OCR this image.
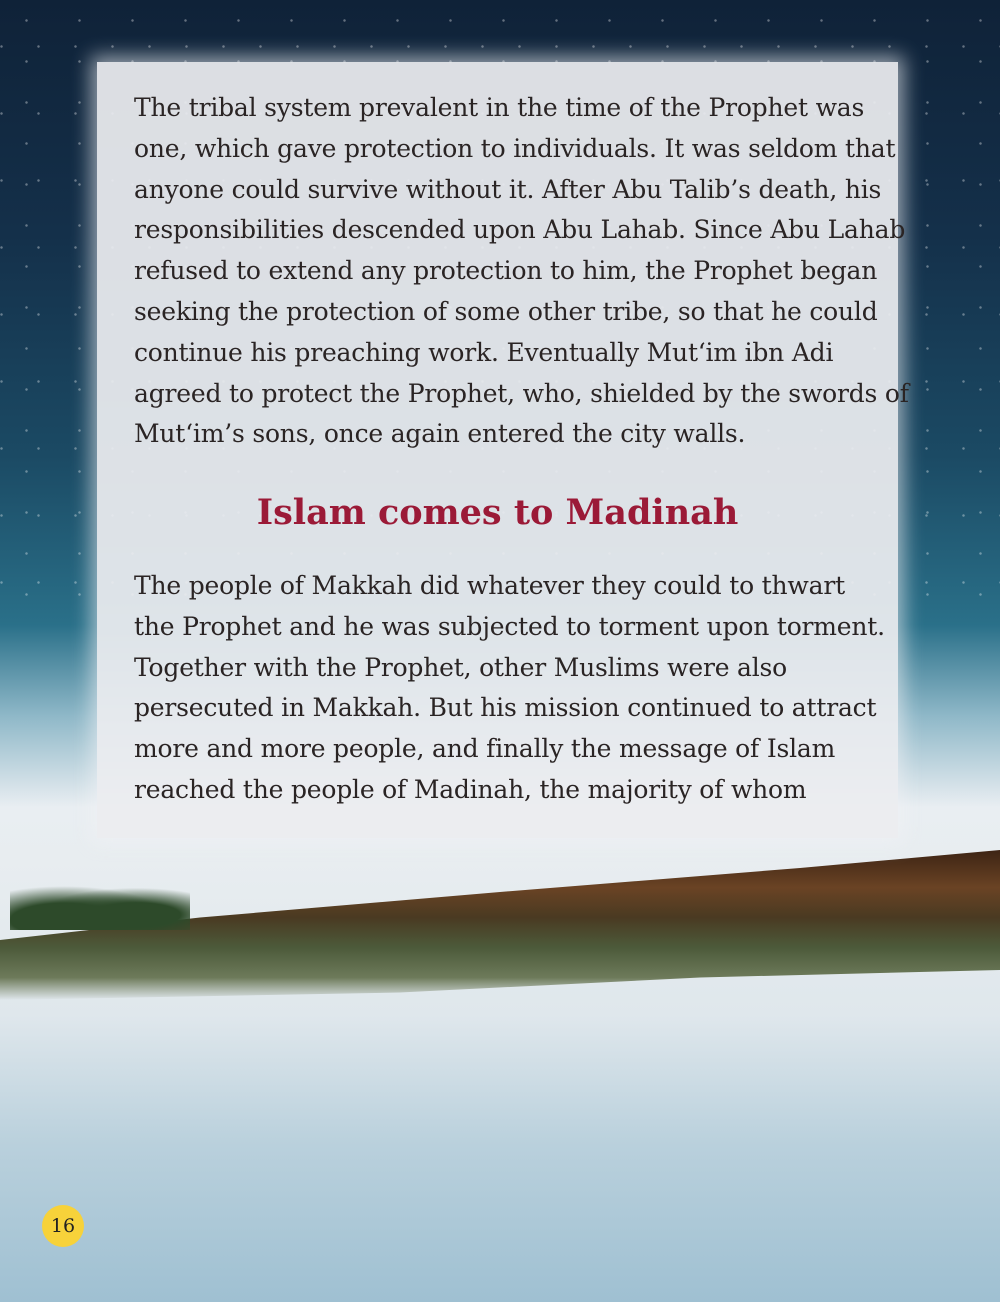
The tribal system prevalent in the time of the Prophet was
one, which gave protection to individuals. It was seldom that
anyone could survive without it. After Abu Talib’s death, his
responsibilities descended upon Abu Lahab. Since Abu Lahab
refused to extend any protection to him, the Prophet began
seeking the protection of some other tribe, so that he could
continue his preaching work. Eventually Mut‘im ibn Adi
agreed to protect the Prophet, who, shielded by the swords of
Mut‘im’s sons, once again entered the city walls.
Islam comes to Madinah
The people of Makkah did whatever they could to thwart
the Prophet and he was subjected to torment upon torment.
Together with the Prophet, other Muslims were also
persecuted in Makkah. But his mission continued to attract
more and more people, and finally the message of Islam
reached the people of Madinah, the majority of whom
16
